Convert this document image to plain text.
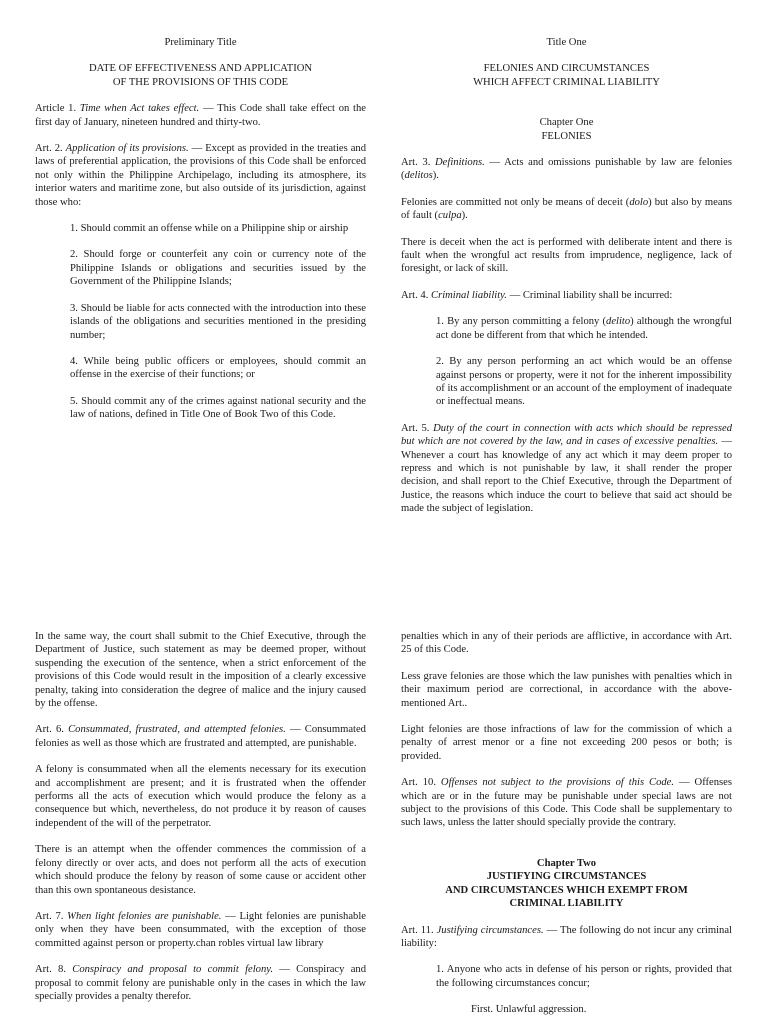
Preliminary Title
DATE OF EFFECTIVENESS AND APPLICATION
OF THE PROVISIONS OF THIS CODE

Article 1. Time when Act takes effect. — This Code shall take effect on the first day of January, nineteen hundred and thirty-two.

Art. 2. Application of its provisions. — Except as provided in the treaties and laws of preferential application, the provisions of this Code shall be enforced not only within the Philippine Archipelago, including its atmosphere, its interior waters and maritime zone, but also outside of its jurisdiction, against those who:

1. Should commit an offense while on a Philippine ship or airship

2. Should forge or counterfeit any coin or currency note of the Philippine Islands or obligations and securities issued by the Government of the Philippine Islands;

3. Should be liable for acts connected with the introduction into these islands of the obligations and securities mentioned in the presiding number;

4. While being public officers or employees, should commit an offense in the exercise of their functions; or

5. Should commit any of the crimes against national security and the law of nations, defined in Title One of Book Two of this Code.

Title One
FELONIES AND CIRCUMSTANCES
WHICH AFFECT CRIMINAL LIABILITY
Chapter One
FELONIES

Art. 3. Definitions. — Acts and omissions punishable by law are felonies (delitos).

Felonies are committed not only be means of deceit (dolo) but also by means of fault (culpa).

There is deceit when the act is performed with deliberate intent and there is fault when the wrongful act results from imprudence, negligence, lack of foresight, or lack of skill.

Art. 4. Criminal liability. — Criminal liability shall be incurred:

1. By any person committing a felony (delito) although the wrongful act done be different from that which he intended.

2. By any person performing an act which would be an offense against persons or property, were it not for the inherent impossibility of its accomplishment or an account of the employment of inadequate or ineffectual means.

Art. 5. Duty of the court in connection with acts which should be repressed but which are not covered by the law, and in cases of excessive penalties. — Whenever a court has knowledge of any act which it may deem proper to repress and which is not punishable by law, it shall render the proper decision, and shall report to the Chief Executive, through the Department of Justice, the reasons which induce the court to believe that said act should be made the subject of legislation.

In the same way, the court shall submit to the Chief Executive, through the Department of Justice, such statement as may be deemed proper, without suspending the execution of the sentence, when a strict enforcement of the provisions of this Code would result in the imposition of a clearly excessive penalty, taking into consideration the degree of malice and the injury caused by the offense.

Art. 6. Consummated, frustrated, and attempted felonies. — Consummated felonies as well as those which are frustrated and attempted, are punishable.

A felony is consummated when all the elements necessary for its execution and accomplishment are present; and it is frustrated when the offender performs all the acts of execution which would produce the felony as a consequence but which, nevertheless, do not produce it by reason of causes independent of the will of the perpetrator.

There is an attempt when the offender commences the commission of a felony directly or over acts, and does not perform all the acts of execution which should produce the felony by reason of some cause or accident other than this own spontaneous desistance.

Art. 7. When light felonies are punishable. — Light felonies are punishable only when they have been consummated, with the exception of those committed against person or property.chan robles virtual law library

Art. 8. Conspiracy and proposal to commit felony. — Conspiracy and proposal to commit felony are punishable only in the cases in which the law specially provides a penalty therefor.

penalties which in any of their periods are afflictive, in accordance with Art. 25 of this Code.

Less grave felonies are those which the law punishes with penalties which in their maximum period are correctional, in accordance with the above-mentioned Art..

Light felonies are those infractions of law for the commission of which a penalty of arrest menor or a fine not exceeding 200 pesos or both; is provided.

Art. 10. Offenses not subject to the provisions of this Code. — Offenses which are or in the future may be punishable under special laws are not subject to the provisions of this Code. This Code shall be supplementary to such laws, unless the latter should specially provide the contrary.

Chapter Two
JUSTIFYING CIRCUMSTANCES
AND CIRCUMSTANCES WHICH EXEMPT FROM
CRIMINAL LIABILITY

Art. 11. Justifying circumstances. — The following do not incur any criminal liability:

1. Anyone who acts in defense of his person or rights, provided that the following circumstances concur;

First. Unlawful aggression.
